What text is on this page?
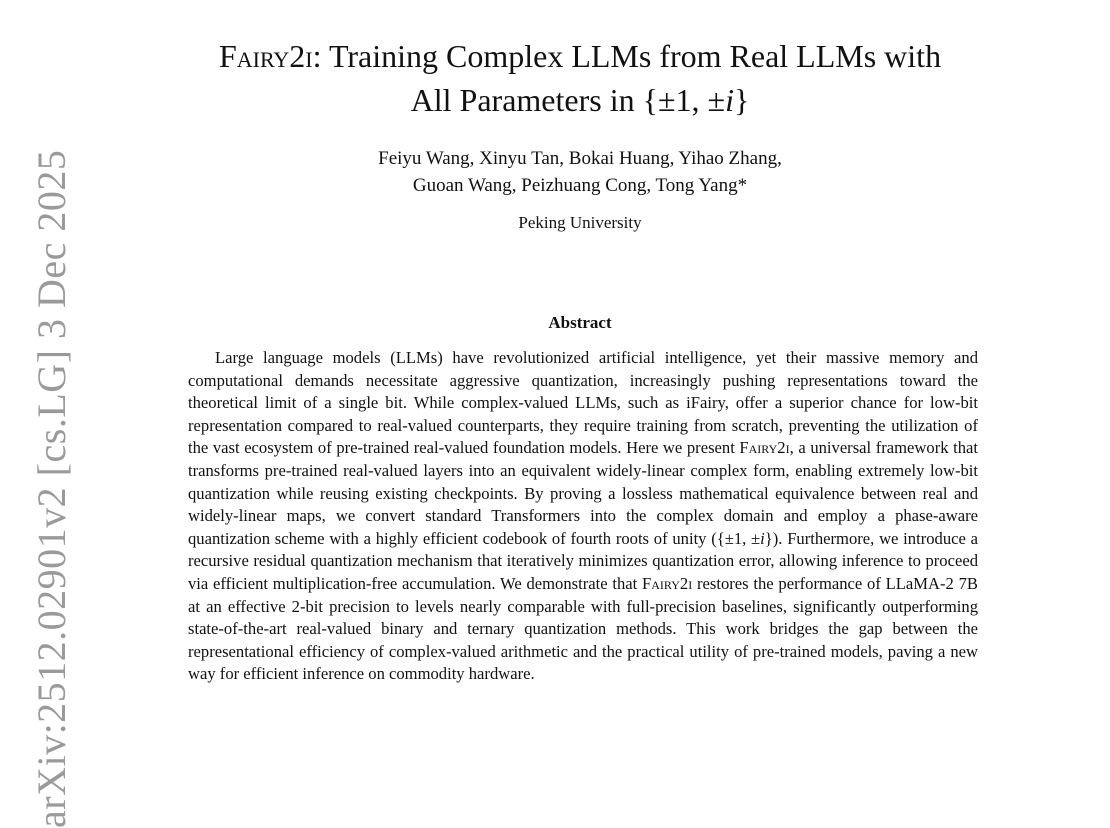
arXiv:2512.02901v2 [cs.LG] 3 Dec 2025
Fairy2i: Training Complex LLMs from Real LLMs with
All Parameters in {±1, ±i}
Feiyu Wang, Xinyu Tan, Bokai Huang, Yihao Zhang,
Guoan Wang, Peizhuang Cong, Tong Yang*
Peking University
Abstract

Large language models (LLMs) have revolutionized artificial intelligence, yet their massive memory and computational demands necessitate aggressive quantization, increasingly pushing representations toward the theoretical limit of a single bit. While complex-valued LLMs, such as iFairy, offer a superior chance for low-bit representation compared to real-valued counterparts, they require training from scratch, preventing the utilization of the vast ecosystem of pre-trained real-valued foundation models. Here we present Fairy2i, a universal framework that transforms pre-trained real-valued layers into an equivalent widely-linear complex form, enabling extremely low-bit quantization while reusing existing checkpoints. By proving a lossless mathematical equivalence between real and widely-linear maps, we convert standard Transformers into the complex domain and employ a phase-aware quantization scheme with a highly efficient codebook of fourth roots of unity ({±1, ±i}). Furthermore, we introduce a recursive residual quantization mechanism that iteratively minimizes quantization error, allowing inference to proceed via efficient multiplication-free accumulation. We demonstrate that Fairy2i restores the performance of LLaMA-2 7B at an effective 2-bit precision to levels nearly comparable with full-precision baselines, significantly outperforming state-of-the-art real-valued binary and ternary quantization methods. This work bridges the gap between the representational efficiency of complex-valued arithmetic and the practical utility of pre-trained models, paving a new way for efficient inference on commodity hardware.
